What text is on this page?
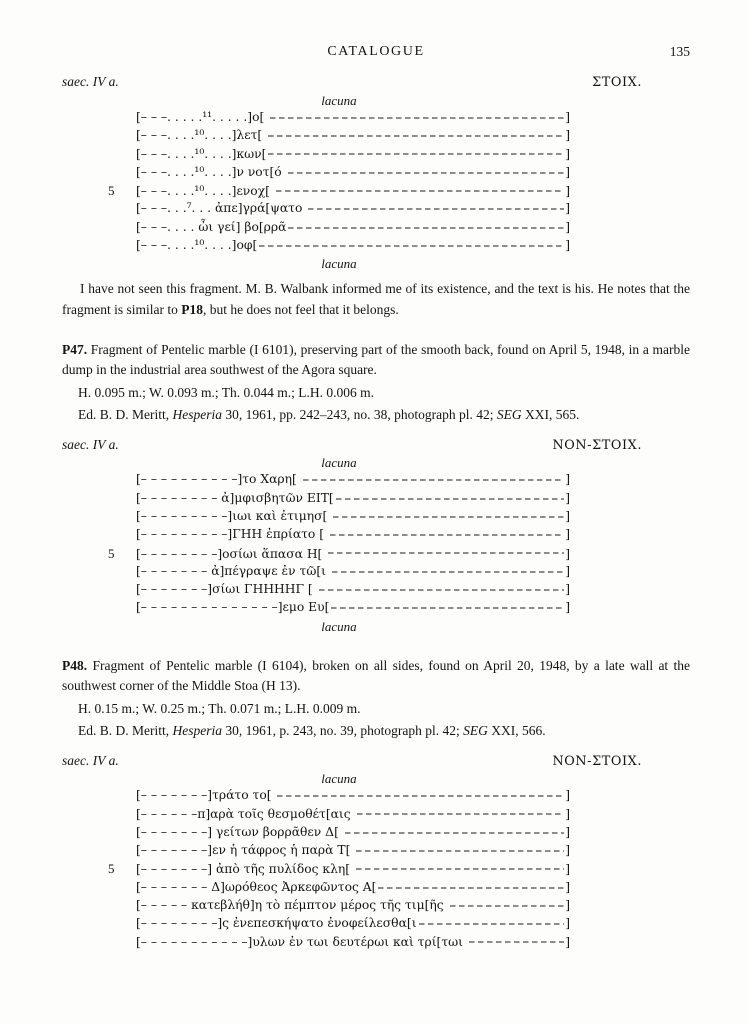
CATALOGUE	135
saec. IV a.	ΣΤΟΙΧ.
lacuna
[– – –. . . . .¹¹. . . . .]ο[	]
[– – –. . . .¹⁰. . . .]λετ[	]
[– – –. . . .¹⁰. . . .]κων[	]
[– – –. . . .¹⁰. . . .]ν νοτ[ό	]
5	[– – –. . . .¹⁰. . . .]ενοχ[	]
[– – –. . .⁷. . . ἀπε]γρά[ψατο	]
[– – –. . . . ὦι γεί] βο[ρρᾶ	]
[– – –. . . .¹⁰. . . .]οφ[	]
lacuna

I have not seen this fragment. M. B. Walbank informed me of its existence, and the text is his. He notes that the fragment is similar to P18, but he does not feel that it belongs.

P47. Fragment of Pentelic marble (I 6101), preserving part of the smooth back, found on April 5, 1948, in a marble dump in the industrial area southwest of the Agora square.
H. 0.095 m.; W. 0.093 m.; Th. 0.044 m.; L.H. 0.006 m.
Ed. B. D. Meritt, Hesperia 30, 1961, pp. 242–243, no. 38, photograph pl. 42; SEG XXI, 565.
saec. IV a.	ΝΟΝ-ΣΤΟΙΧ.
lacuna
[– – – – – – – – – –]το Χαρη[	]
[– – – – – – – – ἀ]μφισβητῶν ΕΙΤ[	]
[– – – – – – – – –]ιωι καὶ ἐτιμησ[	]
[– – – – – – – – –]ΓΗΗ ἐπρίατο [	]
5	[– – – – – – – –]οσίωι ἅπασα Η[	]
[– – – – – – – ἀ]πέγραψε ἐν τῶ[ι	]
[– – – – – – –]σίωι ΓΗΗΗΗΓ [	]
[– – – – – – – – – – – – – –]εμο Ευ[	]
lacuna
P48. Fragment of Pentelic marble (I 6104), broken on all sides, found on April 20, 1948, by a late wall at the southwest corner of the Middle Stoa (H 13).
H. 0.15 m.; W. 0.25 m.; Th. 0.071 m.; L.H. 0.009 m.
Ed. B. D. Meritt, Hesperia 30, 1961, p. 243, no. 39, photograph pl. 42; SEG XXI, 566.
saec. IV a.	ΝΟΝ-ΣΤΟΙΧ.
lacuna
[– – – – – – –]τράτο το[	]
[– – – – – –π]αρὰ τοῖς θεσμοθέτ[αις	]
[– – – – – – –] γείτων βορρᾶθεν Δ[	]
[– – – – – – –]εν ἡ τάφρος ἡ παρὰ Τ[	]
5	[– – – – – – –] ἀπὸ τῆς πυλίδος κλη[	]
[– – – – – – – Δ]ωρόθεος Ἀρκεφῶντος Α[	]
[– – – – – κατεβλήθ]η τὸ πέμπτον μέρος τῆς τιμ[ῆς	]
[– – – – – – – –]ς ἐνεπεσκήψατο ἐνοφείλεσθα[ι	]
[– – – – – – – – – – –]υλων ἐν τωι δευτέρωι καὶ τρί[τωι	]
